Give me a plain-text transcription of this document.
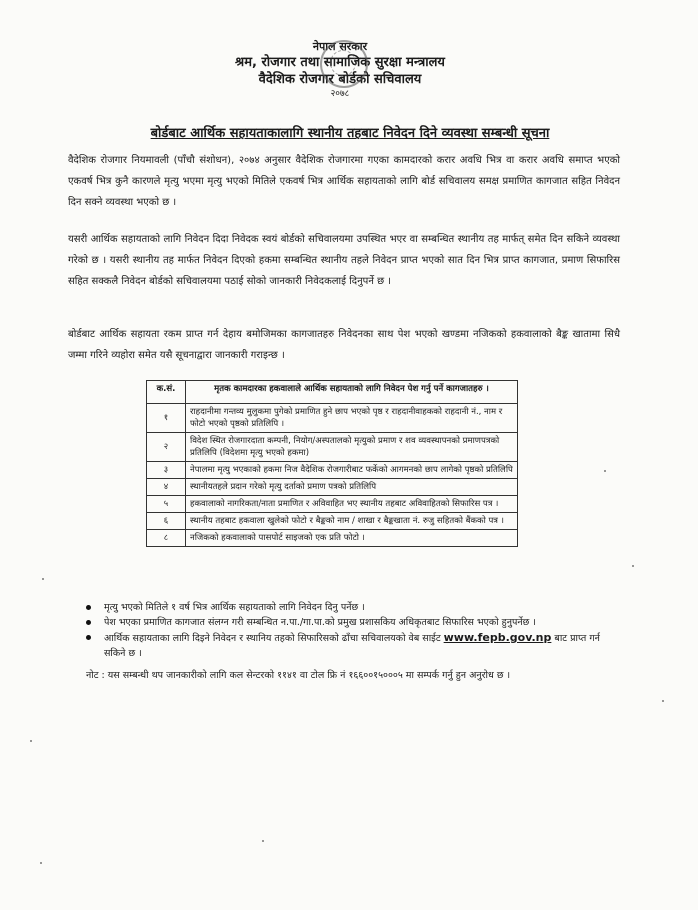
नेपाल सरकार
श्रम, रोजगार तथा सामाजिक सुरक्षा मन्त्रालय
वैदेशिक रोजगार बोर्डको सचिवालय
२०७८
बोर्डबाट आर्थिक सहायताकालागि स्थानीय तहबाट निवेदन दिने व्यवस्था सम्बन्धी सूचना
वैदेशिक रोजगार नियमावली (पाँचौ संशोधन), २०७४ अनुसार वैदेशिक रोजगारमा गएका कामदारको करार अवधि भित्र वा करार अवधि समाप्त भएको एकवर्ष भित्र कुनै कारणले मृत्यु भएमा मृत्यु भएको मितिले एकवर्ष भित्र आर्थिक सहायताको लागि बोर्ड सचिवालय समक्ष प्रमाणित कागजात सहित निवेदन दिन सक्ने व्यवस्था भएको छ ।
यसरी आर्थिक सहायताको लागि निवेदन दिदा निवेदक स्वयं बोर्डको सचिवालयमा उपस्थित भएर वा सम्बन्धित स्थानीय तह मार्फत् समेत दिन सकिने व्यवस्था गरेको छ । यसरी स्थानीय तह मार्फत निवेदन दिएको हकमा सम्बन्धित स्थानीय तहले निवेदन प्राप्त भएको सात दिन भित्र प्राप्त कागजात, प्रमाण सिफारिस सहित सक्कलै निवेदन बोर्डको सचिवालयमा पठाई सोको जानकारी निवेदकलाई दिनुपर्ने छ ।
बोर्डबाट आर्थिक सहायता रकम प्राप्त गर्न देहाय बमोजिमका कागजातहरु निवेदनका साथ पेश भएको खण्डमा नजिकको हकवालाको बैङ्क खातामा सिधै जम्मा गरिने व्यहोरा समेत यसै सूचनाद्वारा जानकारी गराइन्छ ।
क.सं.	मृतक कामदारका हकवालाले आर्थिक सहायताको लागि निवेदन पेश गर्नु पर्ने कागजातहरु ।
१	राहदानीमा गन्तव्य मुलुकमा पुगेको प्रमाणित हुने छाप भएको पृष्ठ र राहदानीवाहकको राहदानी नं., नाम र फोटो भएको पृष्ठको प्रतिलिपि ।
२	विदेश स्थित रोजगारदाता कम्पनी, नियोग/अस्पतालको मृत्युको प्रमाण र शव व्यवस्थापनको प्रमाणपत्रको प्रतिलिपि (विदेशमा मृत्यु भएको हकमा)
३	नेपालमा मृत्यु भएकाको हकमा निज वैदेशिक रोजगारीबाट फर्केको आगमनको छाप लागेको पृष्ठको प्रतिलिपि
४	स्थानीयतहले प्रदान गरेको मृत्यु दर्ताको प्रमाण पत्रको प्रतिलिपि
५	हकवालाको नागरिकता/नाता प्रमाणित र अविवाहित भए स्थानीय तहबाट अविवाहितको सिफारिस पत्र ।
६	स्थानीय तहबाट हकवाला खुलेको फोटो र बैङ्कको नाम / शाखा र बैङ्कखाता नं. रुजु सहितको बैंकको पत्र ।
८	नजिकको हकवालाको पासपोर्ट साइजको एक प्रति फोटो ।
मृत्यु भएको मितिले १ वर्ष भित्र आर्थिक सहायताको लागि निवेदन दिनु पर्नेछ ।
पेश भएका प्रमाणित कागजात संलग्न गरी सम्बन्धित न.पा./गा.पा.को प्रमुख प्रशासकिय अधिकृतबाट सिफारिस भएको हुनुपर्नेछ ।
आर्थिक सहायताका लागि दिइने निवेदन र स्थानिय तहको सिफारिसको ढाँचा सचिवालयको वेब साईट www.fepb.gov.np बाट प्राप्त गर्न सकिने छ ।
नोट : यस सम्बन्धी थप जानकारीको लागि कल सेन्टरको ११४१ वा टोल फ्रि नं १६६००१५०००५ मा सम्पर्क गर्नु हुन अनुरोध छ ।
